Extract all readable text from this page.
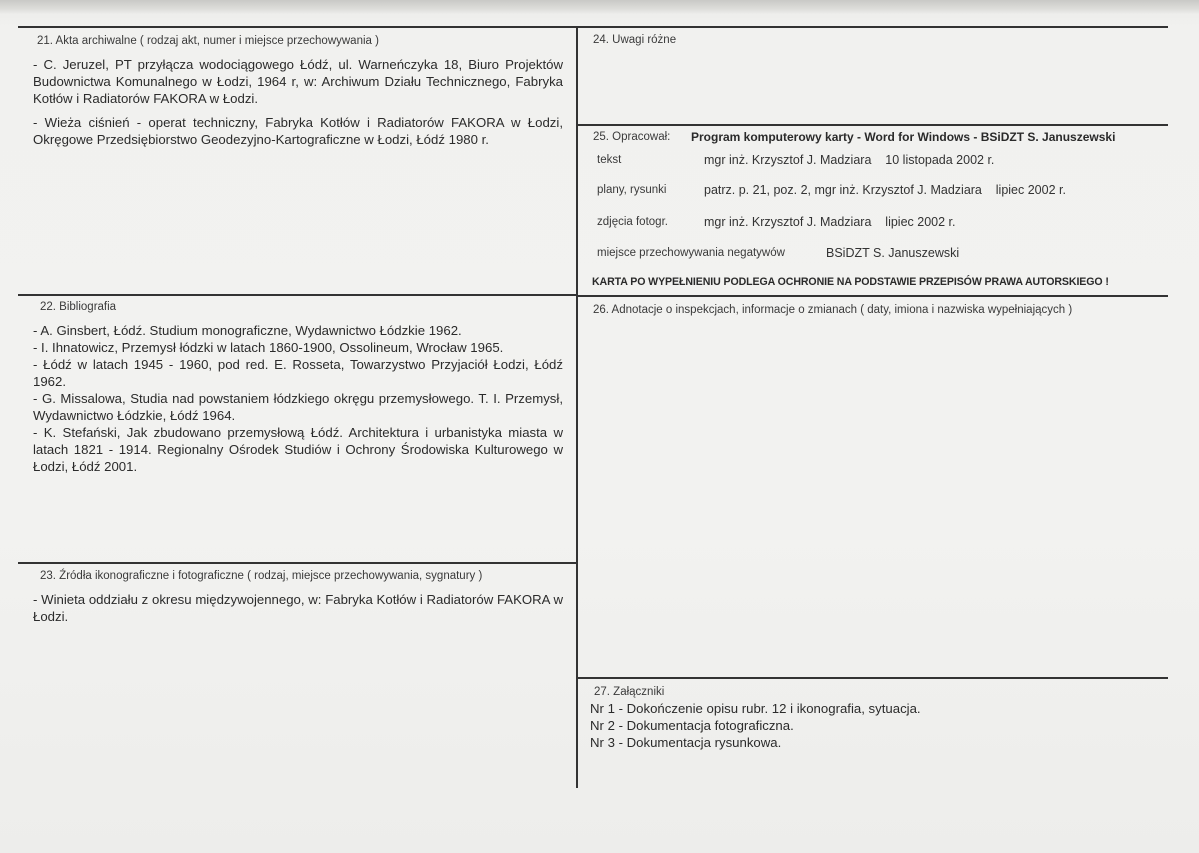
21. Akta archiwalne ( rodzaj akt, numer i miejsce przechowywania )
- C. Jeruzel, PT przyłącza wodociągowego Łódź, ul. Warneńczyka 18, Biuro Projektów Budownictwa Komunalnego w Łodzi, 1964 r, w: Archiwum Działu Technicznego, Fabryka Kotłów i Radiatorów FAKORA w Łodzi.
- Wieża ciśnień - operat techniczny, Fabryka Kotłów i Radiatorów FAKORA w Łodzi, Okręgowe Przedsiębiorstwo Geodezyjno-Kartograficzne w Łodzi, Łódź 1980 r.
22. Bibliografia
- A. Ginsbert, Łódź. Studium monograficzne, Wydawnictwo Łódzkie 1962.
- I. Ihnatowicz, Przemysł łódzki w latach 1860-1900, Ossolineum, Wrocław 1965.
- Łódź w latach 1945 - 1960, pod red. E. Rosseta, Towarzystwo Przyjaciół Łodzi, Łódź 1962.
- G. Missalowa, Studia nad powstaniem łódzkiego okręgu przemysłowego. T. I. Przemysł, Wydawnictwo Łódzkie, Łódź 1964.
- K. Stefański, Jak zbudowano przemysłową Łódź. Architektura i urbanistyka miasta w latach 1821 - 1914. Regionalny Ośrodek Studiów i Ochrony Środowiska Kulturowego w Łodzi, Łódź 2001.
23. Źródła ikonograficzne i fotograficzne ( rodzaj, miejsce przechowywania, sygnatury )
- Winieta oddziału z okresu międzywojennego, w: Fabryka Kotłów i Radiatorów FAKORA w Łodzi.
24. Uwagi różne
25. Opracował: Program komputerowy karty - Word for Windows - BSiDZT S. Januszewski
tekst	mgr inż. Krzysztof J. Madziara    10 listopada 2002 r.
plany, rysunki	patrz. p. 21, poz. 2, mgr inż. Krzysztof J. Madziara    lipiec 2002 r.
zdjęcia fotogr.	mgr inż. Krzysztof J. Madziara    lipiec 2002 r.
miejsce przechowywania negatywów	BSiDZT S. Januszewski
KARTA PO WYPEŁNIENIU PODLEGA OCHRONIE NA PODSTAWIE PRZEPISÓW PRAWA AUTORSKIEGO !
26. Adnotacje o inspekcjach, informacje o zmianach ( daty, imiona i nazwiska wypełniających )
27. Załączniki
Nr 1 - Dokończenie opisu rubr. 12 i ikonografia, sytuacja.
Nr 2 - Dokumentacja fotograficzna.
Nr 3 - Dokumentacja rysunkowa.
